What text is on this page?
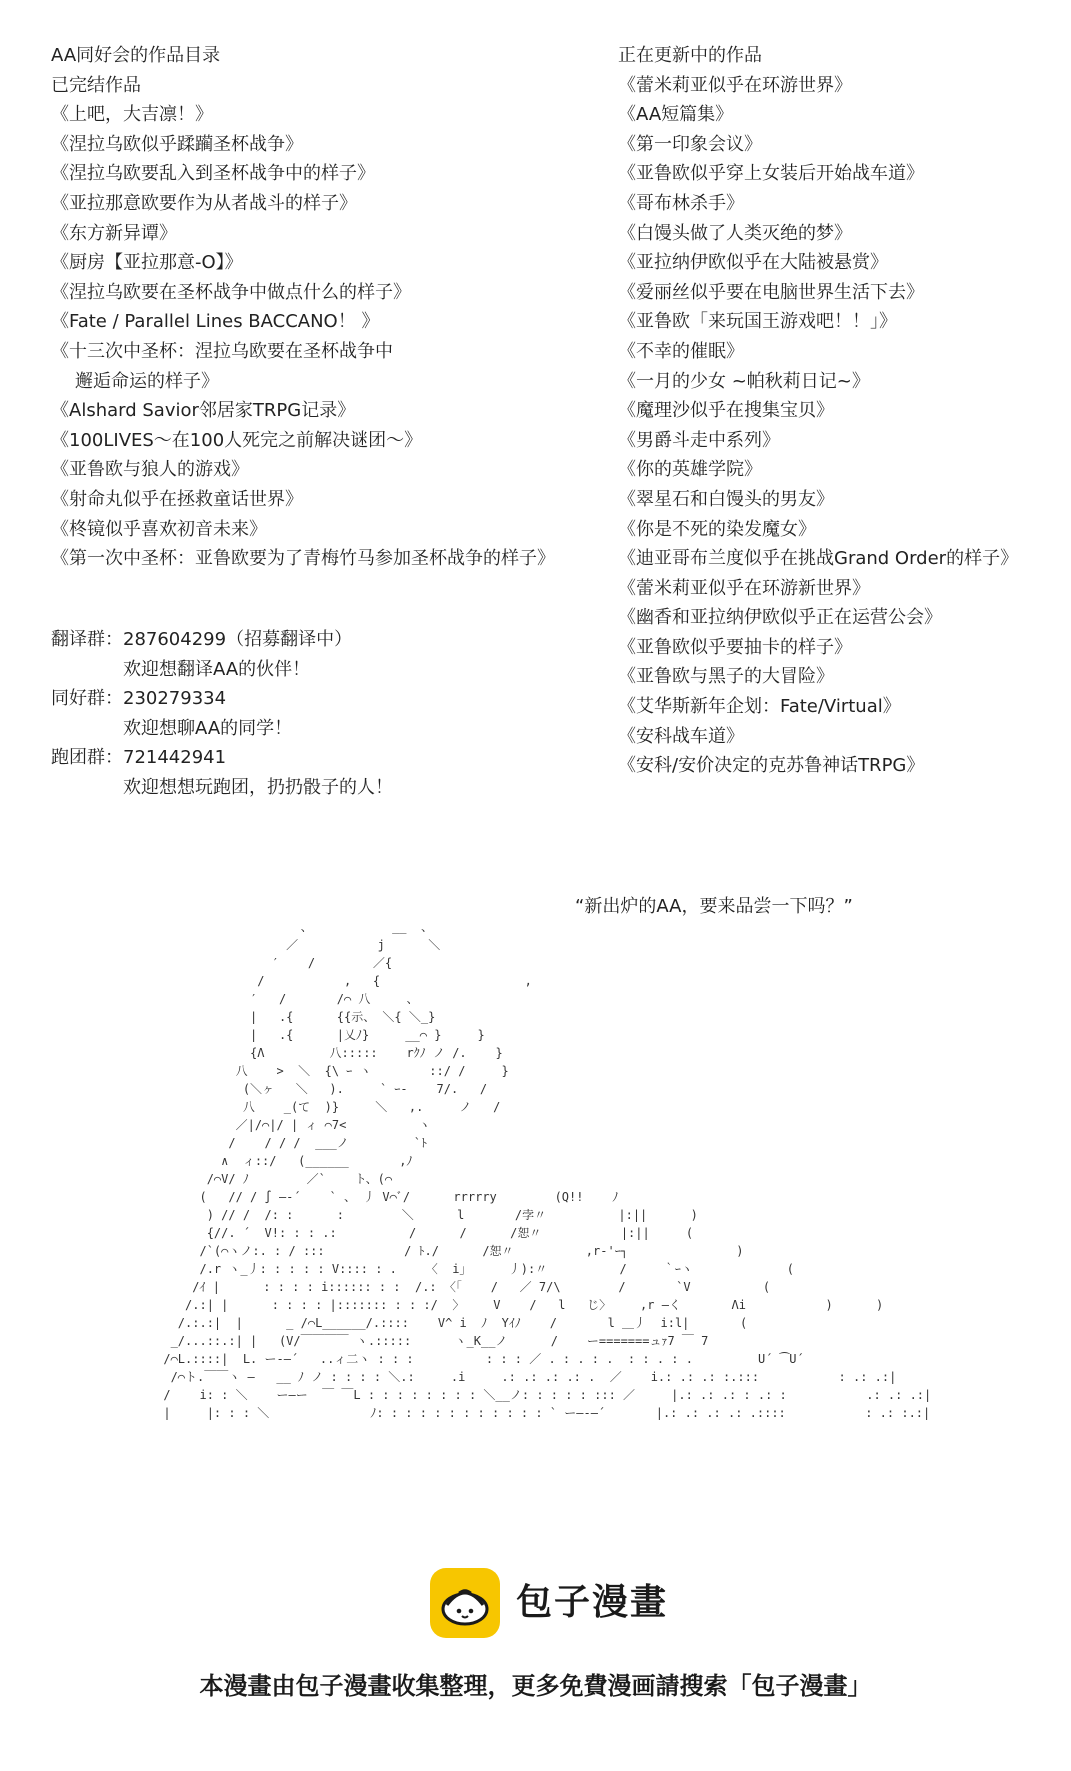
AA同好会的作品目录
已完结作品
《上吧，大吉凛！》
《涅拉乌欧似乎蹂躏圣杯战争》
《涅拉乌欧要乱入到圣杯战争中的样子》
《亚拉那意欧要作为从者战斗的样子》
《东方新异谭》
《厨房【亚拉那意-O】》
《涅拉乌欧要在圣杯战争中做点什么的样子》
《Fate / Parallel Lines BACCANO！ 》
《十三次中圣杯：涅拉乌欧要在圣杯战争中
邂逅命运的样子》
《Alshard Savior邻居家TRPG记录》
《100LIVES～在100人死完之前解决谜团～》
《亚鲁欧与狼人的游戏》
《射命丸似乎在拯救童话世界》
《柊镜似乎喜欢初音未来》
《第一次中圣杯：亚鲁欧要为了青梅竹马参加圣杯战争的样子》
正在更新中的作品
《蕾米莉亚似乎在环游世界》
《AA短篇集》
《第一印象会议》
《亚鲁欧似乎穿上女装后开始战车道》
《哥布林杀手》
《白馒头做了人类灭绝的梦》
《亚拉纳伊欧似乎在大陆被悬赏》
《爱丽丝似乎要在电脑世界生活下去》
《亚鲁欧「来玩国王游戏吧！！」》
《不幸的催眠》
《一月的少女 ~帕秋莉日记~》
《魔理沙似乎在搜集宝贝》
《男爵斗走中系列》
《你的英雄学院》
《翠星石和白馒头的男友》
《你是不死的染发魔女》
《迪亚哥布兰度似乎在挑战Grand Order的样子》
《蕾米莉亚似乎在环游新世界》
《幽香和亚拉纳伊欧似乎正在运营公会》
《亚鲁欧似乎要抽卡的样子》
《亚鲁欧与黑子的大冒险》
《艾华斯新年企划：Fate/Virtual》
《安科战车道》
《安科/安价决定的克苏鲁神话TRPG》
翻译群：287604299（招募翻译中）
欢迎想翻译AA的伙伴！
同好群：230279334
欢迎想聊AA的同学！
跑团群：721442941
欢迎想想玩跑团，扔扔骰子的人！
“新出炉的AA，要来品尝一下吗？”
、           __  、
／           j      ＼
′    /        ／{
/           ,   {                    ,
′   /       /⌒ 八     、
|   .{      {{示、 ＼{ ＼_}
|   .{      |乂ﾉ}     __⌒ }     }
{Λ         八:::::    rｸﾉ ノ /.    }
八    >  ＼  {\ ｰ ヽ        ::/ /     }
(＼ヶ   ＼   ).     ` ｰ-    7/.   /
八    _(て  )}     ＼   ,.     ノ   /
／|/⌒|/ | ィ ⌒7<          ヽ
/    / / /  ___ノ         `ﾄ
∧  ィ::/   (______       ,ﾉ
/⌒V/ ﾉ        ／`    ト、(⌒
(   // / ∫ ―‐´    ` 、 丿 V⌒ﾞ/      rrrrry        (Q!!    ﾉ
) // /  /: :      :        ＼      l       /孛〃          |:||      )
{//. ´  V!: : : .:          /      /      /恕〃           |:||     (
/`(⌒ヽノ:. : / :::           / ﾄ./      /恕〃          ,r‐'ｰ┐               )
/.r ヽ_丿: : : : : V:::: : .    〈  i｣      丿):〃          /     ｀ｰヽ             (
/ｲ |      : : : : i:::::: : :  /.: 〈「    /   ／ 7/\        /       `V          (
/.:| |      : : : : |::::::: : : :/  〉    V    /   l   じ〉    ,r ―く       Λi           )      )
/.:.:|  |      _ /⌒L______/.::::    V^ i  ﾉ  Yｲﾉ    /       l ＿丿  i:l|       (
_/...::.:| |   (V/￣￣￣￣ ヽ.:::::      ヽ_K__ノ      /    ー=======ュｧ7 ￣ 7
/⌒L.::::|  L. ー-―´   ..ィ二ヽ : : :          : : : ／ . : . : .  : : . : .         U´ ⁀U´
/⌒ト.￣￣ヽ ―   __ ﾉ ノ : : : : ＼.:     .i     .: .: .: .: .  ／    i.: .: .: :.:::           : .: .:|
/    i: : ＼    ー―ー  ￣ ￣L : : : : : : : : ＼__ノ: : : : : ::: ／     |.: .: .: : .: :           .: .: .:|
|     |: : : ＼              ﾉ: : : : : : : : : : : : ` ー―‐―´       |.: .: .: .: .::::           : .: :.:|
包子漫畫
本漫畫由包子漫畫收集整理，更多免費漫画請搜索「包子漫畫」
